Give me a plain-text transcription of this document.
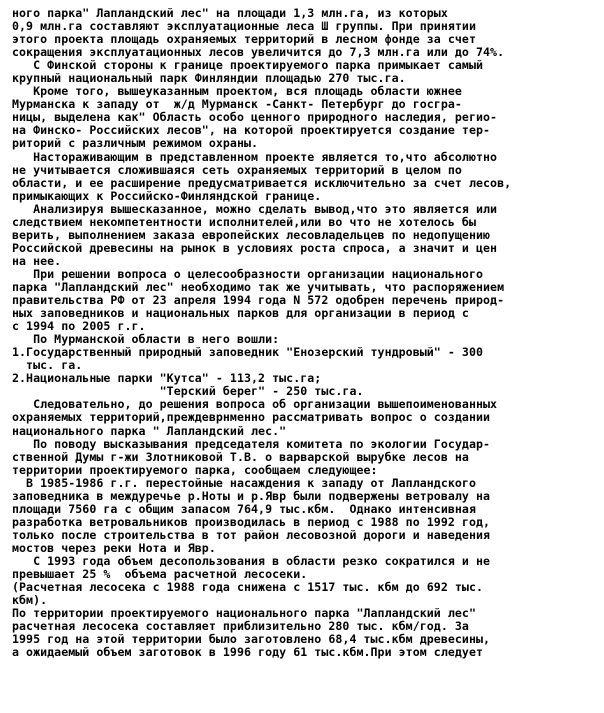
ного парка" Лапландский лес" на площади 1,3 млн.га, из которых
0,9 млн.га составляют эксплуатационные леса Ш группы. При принятии
этого проекта площадь охраняемых территорий в лесном фонде за счет
сокращения эксплуатационных лесов увеличится до 7,3 млн.га или до 74%.
С Финской стороны к границе проектируемого парка примыкает самый
крупный национальный парк Финляндии площадью 270 тыс.га.
Кроме того, вышеуказанным проектом, вся площадь области южнее
Мурманска к западу от  ж/д Мурманск -Санкт- Петербург до госгра-
ницы, выделена как" Область особо ценного природного наследия, регио-
на Финско- Российских лесов", на которой проектируется создание тер-
риторий с различным режимом охраны.
Настораживающим в представленном проекте является то,что абсолютно
не учитывается сложившаяся сеть охраняемых территорий в целом по
области, и ее расширение предусматривается исключительно за счет лесов,
примыкающих к Российско-Финляндской границе.
Анализируя вышесказанное, можно сделать вывод,что это является или
следствием некомпетентности исполнителей,или во что не хотелось бы
верить, выполнением заказа европейских лесовладельцев по недопущению
Российской древесины на рынок в условиях роста спроса, а значит и цен
на нее.
При решении вопроса о целесообразности организации национального
парка "Лапландский лес" необходимо так же учитывать, что распоряжением
правительства РФ от 23 апреля 1994 года N 572 одобрен перечень природ-
ных заповедников и национальных парков для организации в период с
с 1994 по 2005 г.г.
По Мурманской области в него вошли:
1.Государственный природный заповедник "Енозерский тундровый" - 300
тыс. га.
2.Национальные парки "Кутса" - 113,2 тыс.га;
"Терский берег" - 250 тыс.га.
Следовательно, до решения вопроса об организации вышепоименованных
охраняемых территорий,преждеврнменно рассматривать вопрос о создании
национального парка " Лапландский лес."
По поводу высказывания председателя комитета по экологии Государ-
ственной Думы г-жи Злотниковой Т.В. о варварской вырубке лесов на
территории проектируемого парка, сообщаем следующее:
В 1985-1986 г.г. перестойные насаждения к западу от Лапландского
заповедника в междуречье р.Ноты и р.Явр были подвержены ветровалу на
площади 7560 га с общим запасом 764,9 тыс.кбм.  Однако интенсивная
разработка ветровальников производилась в период с 1988 по 1992 год,
только после строительства в тот район лесовозной дороги и наведения
мостов через реки Нота и Явр.
С 1993 года объем десопользования в области резко сократился и не
превышает 25 %  объема расчетной лесосеки.
(Расчетная лесосека с 1988 года снижена с 1517 тыс. кбм до 692 тыс.
кбм).
По территории проектируемого национального парка "Лапландский лес"
расчетная лесосека составляет приблизительно 280 тыс. кбм/год. За
1995 год на этой территории было заготовлено 68,4 тыс.кбм древесины,
а ожидаемый объем заготовок в 1996 году 61 тыс.кбм.При этом следует
